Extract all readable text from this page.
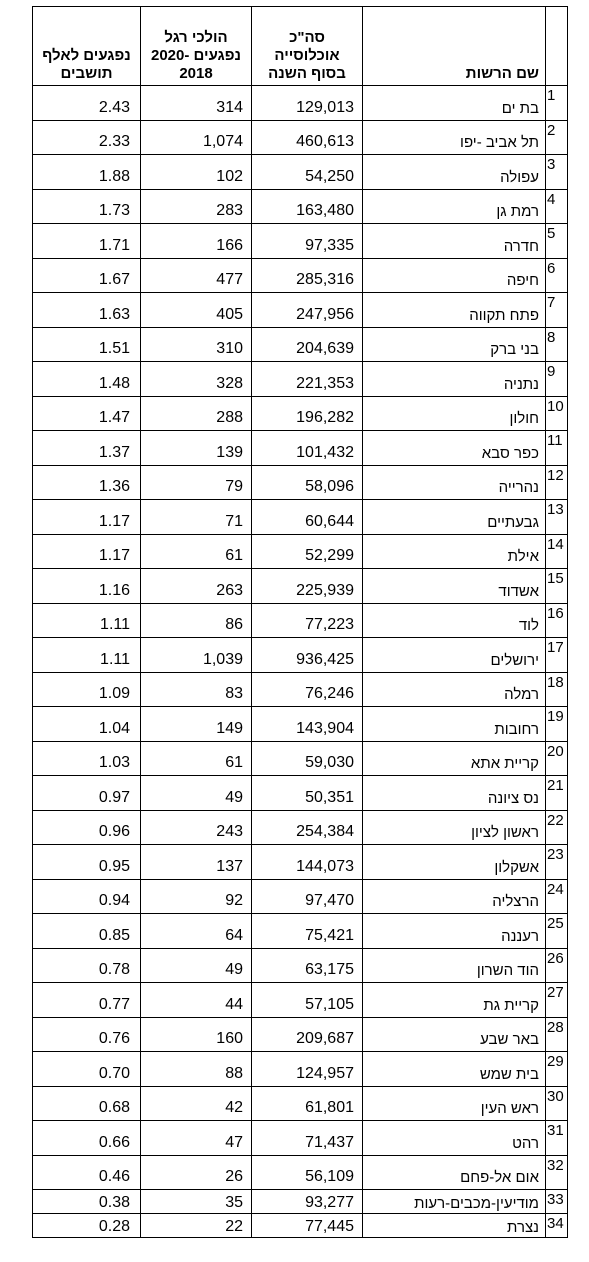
נפגעים לאלף תושבים	הולכי רגל נפגעים 2020-2018	סה"כ אוכלוסייה בסוף השנה	שם הרשות	
2.43	314	129,013	בת ים	1
2.33	1,074	460,613	תל אביב -יפו	2
1.88	102	54,250	עפולה	3
1.73	283	163,480	רמת גן	4
1.71	166	97,335	חדרה	5
1.67	477	285,316	חיפה	6
1.63	405	247,956	פתח תקווה	7
1.51	310	204,639	בני ברק	8
1.48	328	221,353	נתניה	9
1.47	288	196,282	חולון	10
1.37	139	101,432	כפר סבא	11
1.36	79	58,096	נהרייה	12
1.17	71	60,644	גבעתיים	13
1.17	61	52,299	אילת	14
1.16	263	225,939	אשדוד	15
1.11	86	77,223	לוד	16
1.11	1,039	936,425	ירושלים	17
1.09	83	76,246	רמלה	18
1.04	149	143,904	רחובות	19
1.03	61	59,030	קריית אתא	20
0.97	49	50,351	נס ציונה	21
0.96	243	254,384	ראשון לציון	22
0.95	137	144,073	אשקלון	23
0.94	92	97,470	הרצליה	24
0.85	64	75,421	רעננה	25
0.78	49	63,175	הוד השרון	26
0.77	44	57,105	קריית גת	27
0.76	160	209,687	באר שבע	28
0.70	88	124,957	בית שמש	29
0.68	42	61,801	ראש העין	30
0.66	47	71,437	רהט	31
0.46	26	56,109	אום אל-פחם	32
0.38	35	93,277	מודיעין-מכבים-רעות	33
0.28	22	77,445	נצרת	34
